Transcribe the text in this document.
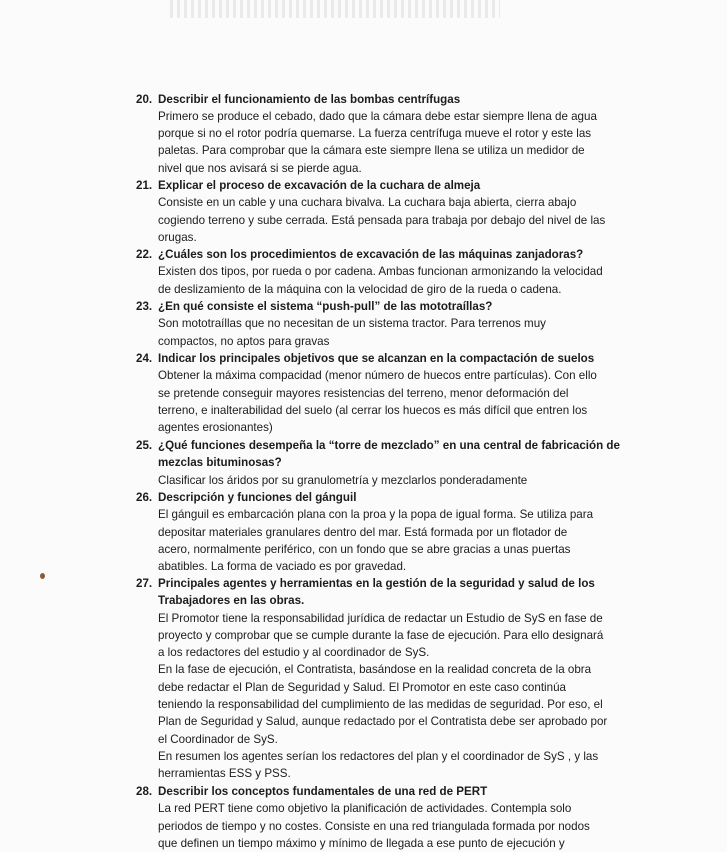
20. Describir el funcionamiento de las bombas centrífugas
Primero se produce el cebado, dado que la cámara debe estar siempre llena de agua
porque si no el rotor podría quemarse. La fuerza centrífuga mueve el rotor y este las
paletas. Para comprobar que la cámara este siempre llena se utiliza un medidor de
nivel que nos avisará si se pierde agua.
21. Explicar el proceso de excavación de la cuchara de almeja
Consiste en un cable y una cuchara bivalva. La cuchara baja abierta, cierra abajo
cogiendo terreno y sube cerrada. Está pensada para trabaja por debajo del nivel de las
orugas.
22. ¿Cuáles son los procedimientos de excavación de las máquinas zanjadoras?
Existen dos tipos, por rueda o por cadena. Ambas funcionan armonizando la velocidad
de deslizamiento de la máquina con la velocidad de giro de la rueda o cadena.
23. ¿En qué consiste el sistema “push-pull” de las mototraíllas?
Son mototraíllas que no necesitan de un sistema tractor. Para terrenos muy
compactos, no aptos para gravas
24. Indicar los principales objetivos que se alcanzan en la compactación de suelos
Obtener la máxima compacidad (menor número de huecos entre partículas). Con ello
se pretende conseguir mayores resistencias del terreno, menor deformación del
terreno, e inalterabilidad del suelo (al cerrar los huecos es más difícil que entren los
agentes erosionantes)
25. ¿Qué funciones desempeña la “torre de mezclado” en una central de fabricación de
mezclas bituminosas?
Clasificar los áridos por su granulometría y mezclarlos ponderadamente
26. Descripción y funciones del gánguil
El gánguil es embarcación plana con la proa y la popa de igual forma. Se utiliza para
depositar materiales granulares dentro del mar. Está formada por un flotador de
acero, normalmente periférico, con un fondo que se abre gracias a unas puertas
abatibles. La forma de vaciado es por gravedad.
27. Principales agentes y herramientas en la gestión de la seguridad y salud de los
Trabajadores en las obras.
El Promotor tiene la responsabilidad jurídica de redactar un Estudio de SyS en fase de
proyecto y comprobar que se cumple durante la fase de ejecución. Para ello designará
a los redactores del estudio y al coordinador de SyS.
En la fase de ejecución, el Contratista, basándose en la realidad concreta de la obra
debe redactar el Plan de Seguridad y Salud. El Promotor en este caso continúa
teniendo la responsabilidad del cumplimiento de las medidas de seguridad. Por eso, el
Plan de Seguridad y Salud, aunque redactado por el Contratista debe ser aprobado por
el Coordinador de SyS.
En resumen los agentes serían los redactores del plan y el coordinador de SyS , y las
herramientas ESS y PSS.
28. Describir los conceptos fundamentales de una red de PERT
La red PERT tiene como objetivo la planificación de actividades. Contempla solo
periodos de tiempo y no costes. Consiste en una red triangulada formada por nodos
que definen un tiempo máximo y mínimo de llegada a ese punto de ejecución y
